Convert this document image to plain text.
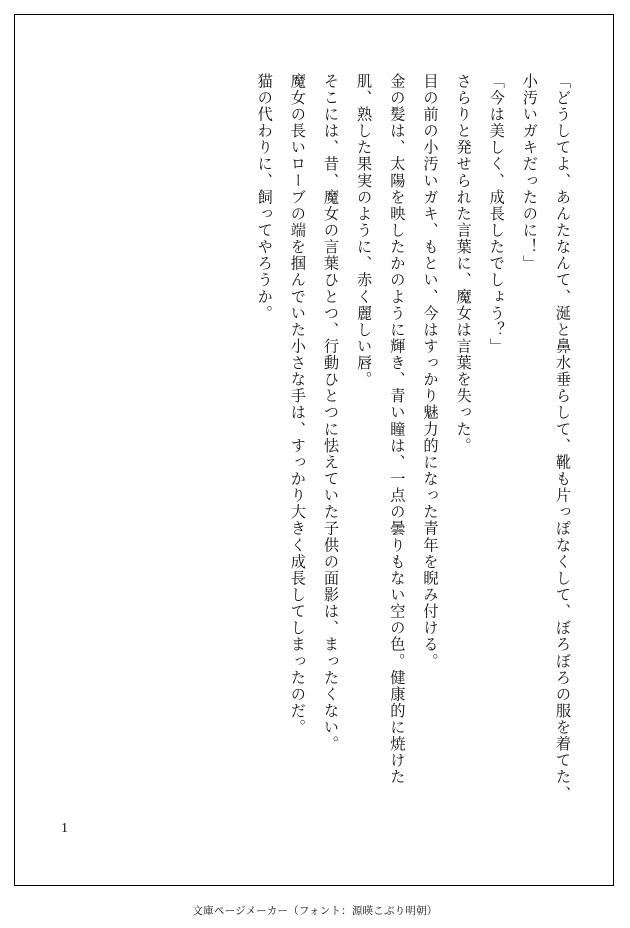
「どうしてよ、あんたなんて、涎と鼻水垂らして、靴も片っぽなくして、ぼろぼろの服を着てた、小汚いガキだったのに！」

「今は美しく、成長したでしょう？」

さらりと発せられた言葉に、魔女は言葉を失った。

目の前の小汚いガキ、もとい、今はすっかり魅力的になった青年を睨み付ける。

金の髪は、太陽を映したかのように輝き、青い瞳は、一点の曇りもない空の色。健康的に焼けた肌、熟した果実のように、赤く麗しい唇。

そこには、昔、魔女の言葉ひとつ、行動ひとつに怯えていた子供の面影は、まったくない。

魔女の長いローブの端を掴んでいた小さな手は、すっかり大きく成長してしまったのだ。

猫の代わりに、飼ってやろうか。

1
文庫ページメーカー（フォント：源暎こぶり明朝）
